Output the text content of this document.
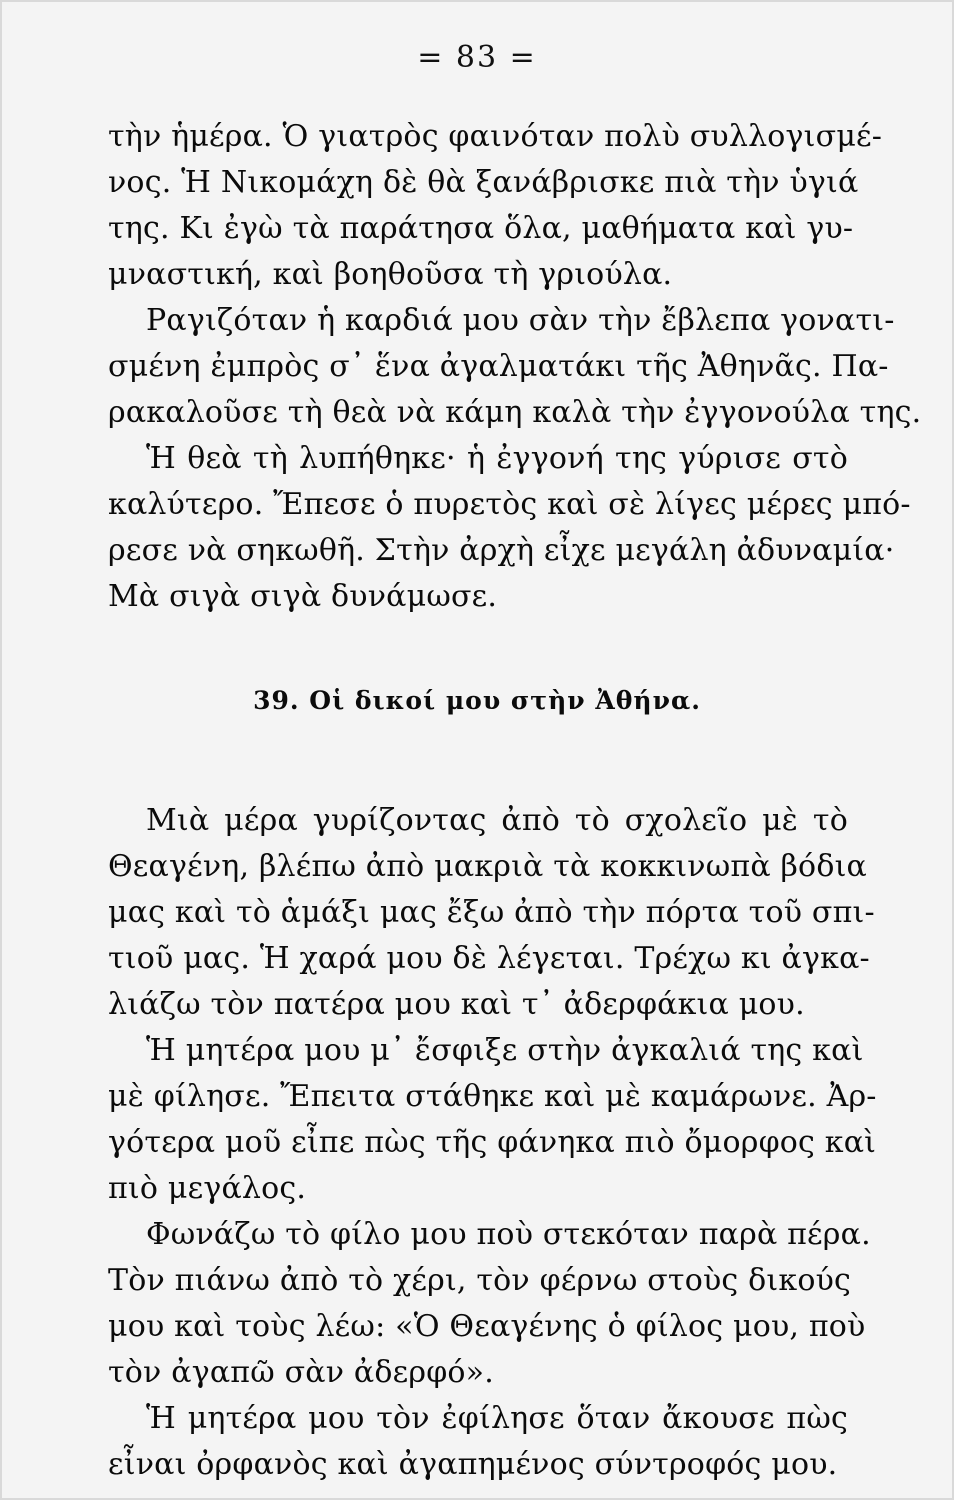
= 83 =
τὴν ἡμέρα. Ὁ γιατρὸς φαινόταν πολὺ συλλογισμέ-
νος. Ἡ Νικομάχη δὲ θὰ ξανάβρισκε πιὰ τὴν ὑγιά
της. Κι ἐγὼ τὰ παράτησα ὅλα, μαθήματα καὶ γυ-
μναστική, καὶ βοηθοῦσα τὴ γριούλα.
Ραγιζόταν ἡ καρδιά μου σὰν τὴν ἔβλεπα γονατι-
σμένη ἐμπρὸς σ᾿ ἕνα ἀγαλματάκι τῆς Ἀθηνᾶς. Πα-
ρακαλοῦσε τὴ θεὰ νὰ κάμη καλὰ τὴν ἐγγονούλα της.
Ἡ θεὰ τὴ λυπήθηκε· ἡ ἐγγονή της γύρισε στὸ
καλύτερο. Ἔπεσε ὁ πυρετὸς καὶ σὲ λίγες μέρες μπό-
ρεσε νὰ σηκωθῆ. Στὴν ἀρχὴ εἶχε μεγάλη ἀδυναμία·
Μὰ σιγὰ σιγὰ δυνάμωσε.
39. Οἱ δικοί μου στὴν Ἀθήνα.
Μιὰ μέρα γυρίζοντας ἀπὸ τὸ σχολεῖο μὲ τὸ
Θεαγένη, βλέπω ἀπὸ μακριὰ τὰ κοκκινωπὰ βόδια
μας καὶ τὸ ἁμάξι μας ἔξω ἀπὸ τὴν πόρτα τοῦ σπι-
τιοῦ μας. Ἡ χαρά μου δὲ λέγεται. Τρέχω κι ἀγκα-
λιάζω τὸν πατέρα μου καὶ τ᾿ ἀδερφάκια μου.
Ἡ μητέρα μου μ᾿ ἔσφιξε στὴν ἀγκαλιά της καὶ
μὲ φίλησε. Ἔπειτα στάθηκε καὶ μὲ καμάρωνε. Ἀρ-
γότερα μοῦ εἶπε πὼς τῆς φάνηκα πιὸ ὄμορφος καὶ
πιὸ μεγάλος.
Φωνάζω τὸ φίλο μου ποὺ στεκόταν παρὰ πέρα.
Τὸν πιάνω ἀπὸ τὸ χέρι, τὸν φέρνω στοὺς δικούς
μου καὶ τοὺς λέω: «Ὁ Θεαγένης ὁ φίλος μου, ποὺ
τὸν ἀγαπῶ σὰν ἀδερφό».
Ἡ μητέρα μου τὸν ἐφίλησε ὅταν ἄκουσε πὼς
εἶναι ὀρφανὸς καὶ ἀγαπημένος σύντροφός μου.
